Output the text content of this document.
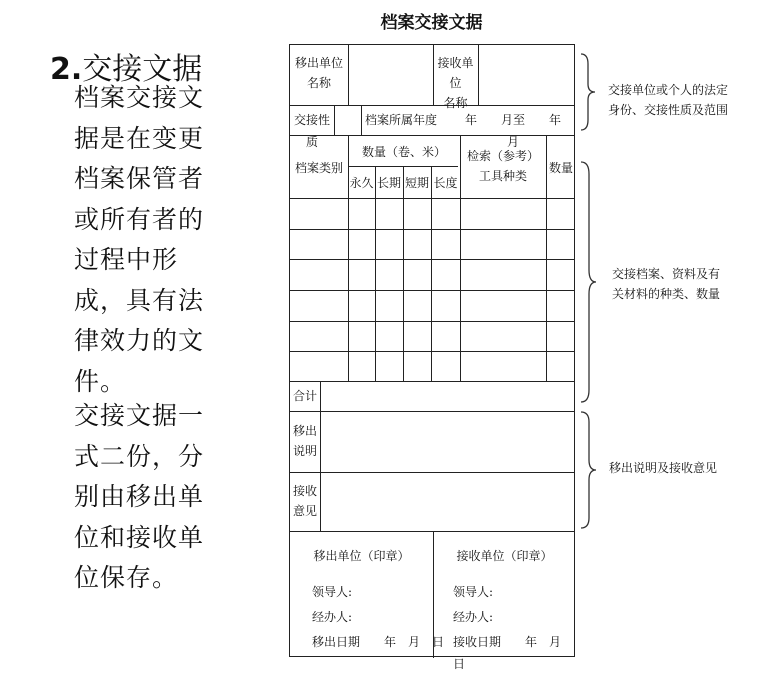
2.交接文据
档案交接文据是在变更档案保管者或所有者的过程中形成，具有法律效力的文件。
交接文据一式二份，分别由移出单位和接收单位保存。
档案交接文据
移出单位
名称
接收单位
名称
交接性质
档案所属年度	年　　月至　　年　　月
档案类别
数量（卷、米）
永久 长期 短期 长度
检索（参考）
工具种类
数量
合计
移出
说明
接收
意见
移出单位（印章）	接收单位（印章）
领导人:
经办人:
移出日期　　年　月　日
领导人:
经办人:
接收日期　　年　月　日
交接单位或个人的法定
身份、交接性质及范围
交接档案、资料及有
关材料的种类、数量
移出说明及接收意见
